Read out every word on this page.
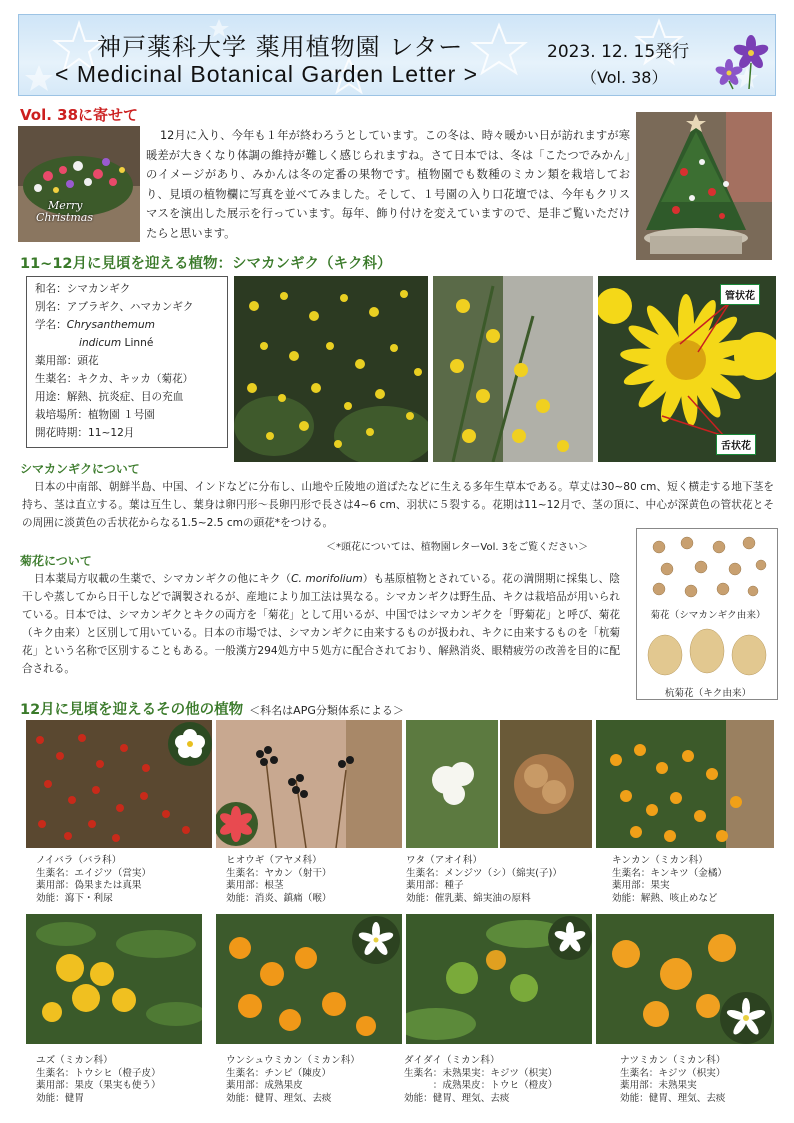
神戸薬科大学 薬用植物園 レター
< Medicinal Botanical Garden Letter >
2023. 12. 15発行
（Vol. 38）
Vol. 38に寄せて
Merry
Christmas
12月に入り、今年も１年が終わろうとしています。この冬は、時々暖かい日が訪れますが寒暖差が大きくなり体調の維持が難しく感じられますね。さて日本では、冬は「こたつでみかん」のイメージがあり、みかんは冬の定番の果物です。植物園でも数種のミカン類を栽培しており、見頃の植物欄に写真を並べてみました。そして、１号園の入り口花壇では、今年もクリスマスを演出した展示を行っています。毎年、飾り付けを変えていますので、是非ご覧いただけたらと思います。
11~12月に見頃を迎える植物：シマカンギク（キク科）
和名：シマカンギク
別名：アブラギク、ハマカンギク
学名：Chrysanthemum
indicum Linné
薬用部：頭花
生薬名：キクカ、キッカ（菊花）
用途：解熱、抗炎症、目の充血
栽培場所：植物園 １号園
開花時期：11~12月
管状花
舌状花
シマカンギクについて
日本の中南部、朝鮮半島、中国、インドなどに分布し、山地や丘陵地の道ばたなどに生える多年生草本である。草丈は30~80 cm、短く横走する地下茎を持ち、茎は直立する。葉は互生し、葉身は卵円形～長卵円形で長さは4~6 cm、羽状に５裂する。花期は11~12月で、茎の頂に、中心が深黄色の管状花とその周囲に淡黄色の舌状花からなる1.5~2.5 cmの頭花*をつける。
＜*頭花については、植物園レターVol. 3をご覧ください＞
菊花について
日本薬局方収載の生薬で、シマカンギクの他にキク（C. morifolium）も基原植物とされている。花の満開期に採集し、陰干しや蒸してから日干しなどで調製されるが、産地により加工法は異なる。シマカンギクは野生品、キクは栽培品が用いられている。日本では、シマカンギクとキクの両方を「菊花」として用いるが、中国ではシマカンギクを「野菊花」と呼び、菊花（キク由来）と区別して用いている。日本の市場では、シマカンギクに由来するものが扱われ、キクに由来するものを「杭菊花」という名称で区別することもある。一般漢方294処方中５処方に配合されており、解熱消炎、眼精疲労の改善を目的に配合される。
菊花（シマカンギク由来）
杭菊花（キク由来）
12月に見頃を迎えるその他の植物 ＜科名はAPG分類体系による＞
ノイバラ（バラ科）
生薬名：エイジツ（営実）
薬用部：偽果または真果
効能：瀉下・利尿
ヒオウギ（アヤメ科）
生薬名：ヤカン（射干）
薬用部：根茎
効能：消炎、鎮痛（喉）
ワタ（アオイ科）
生薬名：メンジツ（シ）（綿実(子)）
薬用部：種子
効能：催乳薬、綿実油の原料
キンカン（ミカン科）
生薬名：キンキツ（金橘）
薬用部：果実
効能：解熱、咳止めなど
ユズ（ミカン科）
生薬名：トウシヒ（橙子皮）
薬用部：果皮（果実も使う）
効能：健胃
ウンシュウミカン（ミカン科）
生薬名：チンピ（陳皮）
薬用部：成熟果皮
効能：健胃、理気、去痰
ダイダイ（ミカン科）
生薬名：未熟果実：キジツ（枳実）
　　　：成熟果皮：トウヒ（橙皮）
効能：健胃、理気、去痰
ナツミカン（ミカン科）
生薬名：キジツ（枳実）
薬用部：未熟果実
効能：健胃、理気、去痰
